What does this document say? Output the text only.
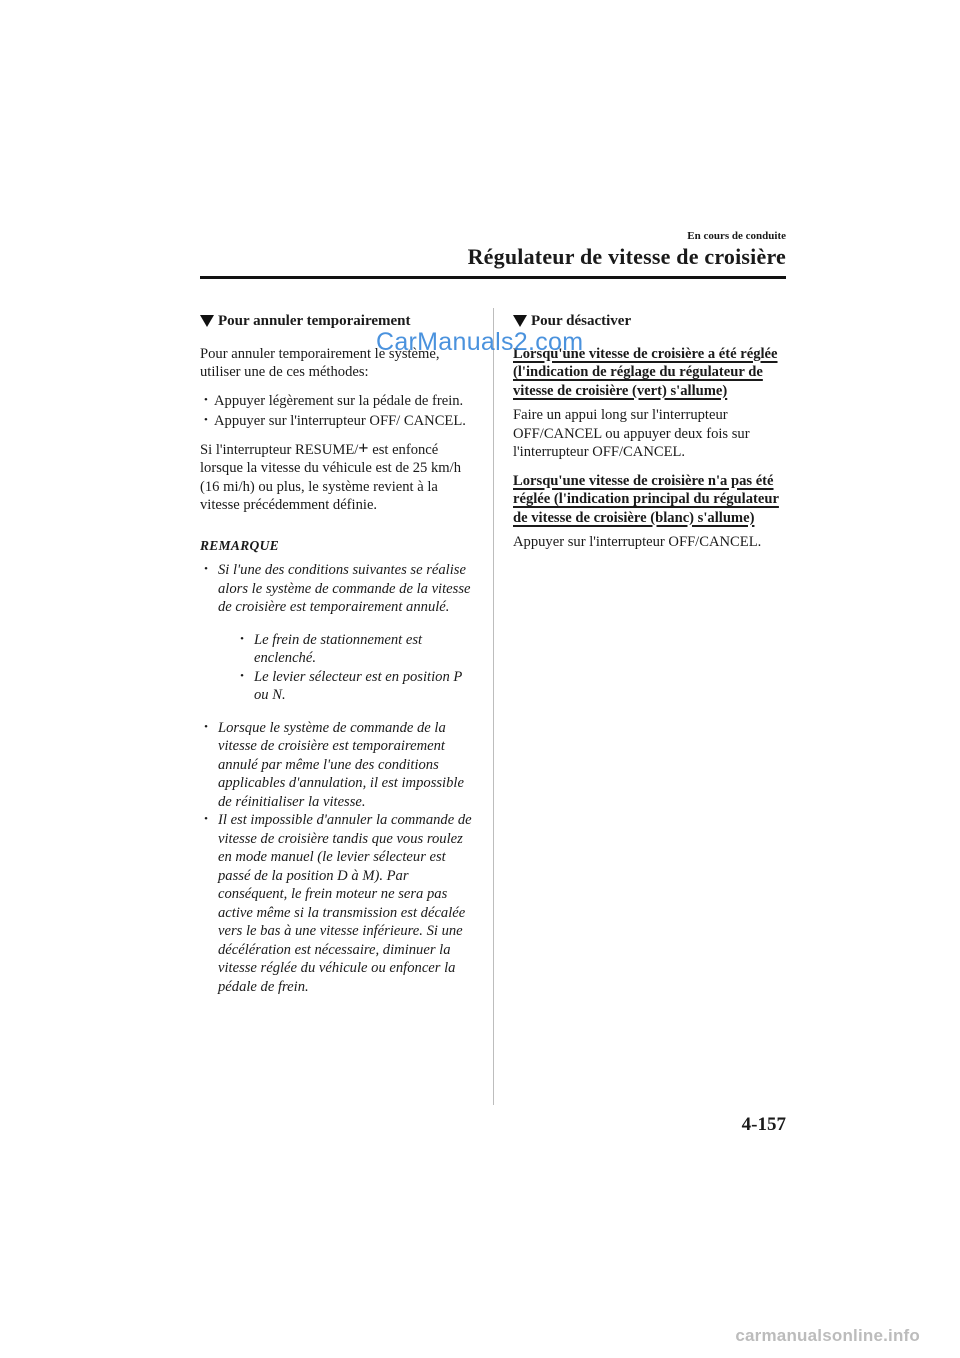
En cours de conduite
Régulateur de vitesse de croisière
Pour annuler temporairement

Pour annuler temporairement le système, utiliser une de ces méthodes:

• Appuyer légèrement sur la pédale de frein.
• Appuyer sur l'interrupteur OFF/ CANCEL.

Si l'interrupteur RESUME/+ est enfoncé lorsque la vitesse du véhicule est de 25 km/h (16 mi/h) ou plus, le système revient à la vitesse précédemment définie.

REMARQUE
• Si l'une des conditions suivantes se réalise alors le système de commande de la vitesse de croisière est temporairement annulé.
• Le frein de stationnement est enclenché.
• Le levier sélecteur est en position P ou N.
• Lorsque le système de commande de la vitesse de croisière est temporairement annulé par même l'une des conditions applicables d'annulation, il est impossible de réinitialiser la vitesse.
• Il est impossible d'annuler la commande de vitesse de croisière tandis que vous roulez en mode manuel (le levier sélecteur est passé de la position D à M). Par conséquent, le frein moteur ne sera pas active même si la transmission est décalée vers le bas à une vitesse inférieure. Si une décélération est nécessaire, diminuer la vitesse réglée du véhicule ou enfoncer la pédale de frein.
Pour désactiver
Lorsqu'une vitesse de croisière a été réglée (l'indication de réglage du régulateur de vitesse de croisière (vert) s'allume)

Faire un appui long sur l'interrupteur OFF/CANCEL ou appuyer deux fois sur l'interrupteur OFF/CANCEL.

Lorsqu'une vitesse de croisière n'a pas été réglée (l'indication principal du régulateur de vitesse de croisière (blanc) s'allume)

Appuyer sur l'interrupteur OFF/CANCEL.

CarManuals2.com
4-157
carmanualsonline.info
